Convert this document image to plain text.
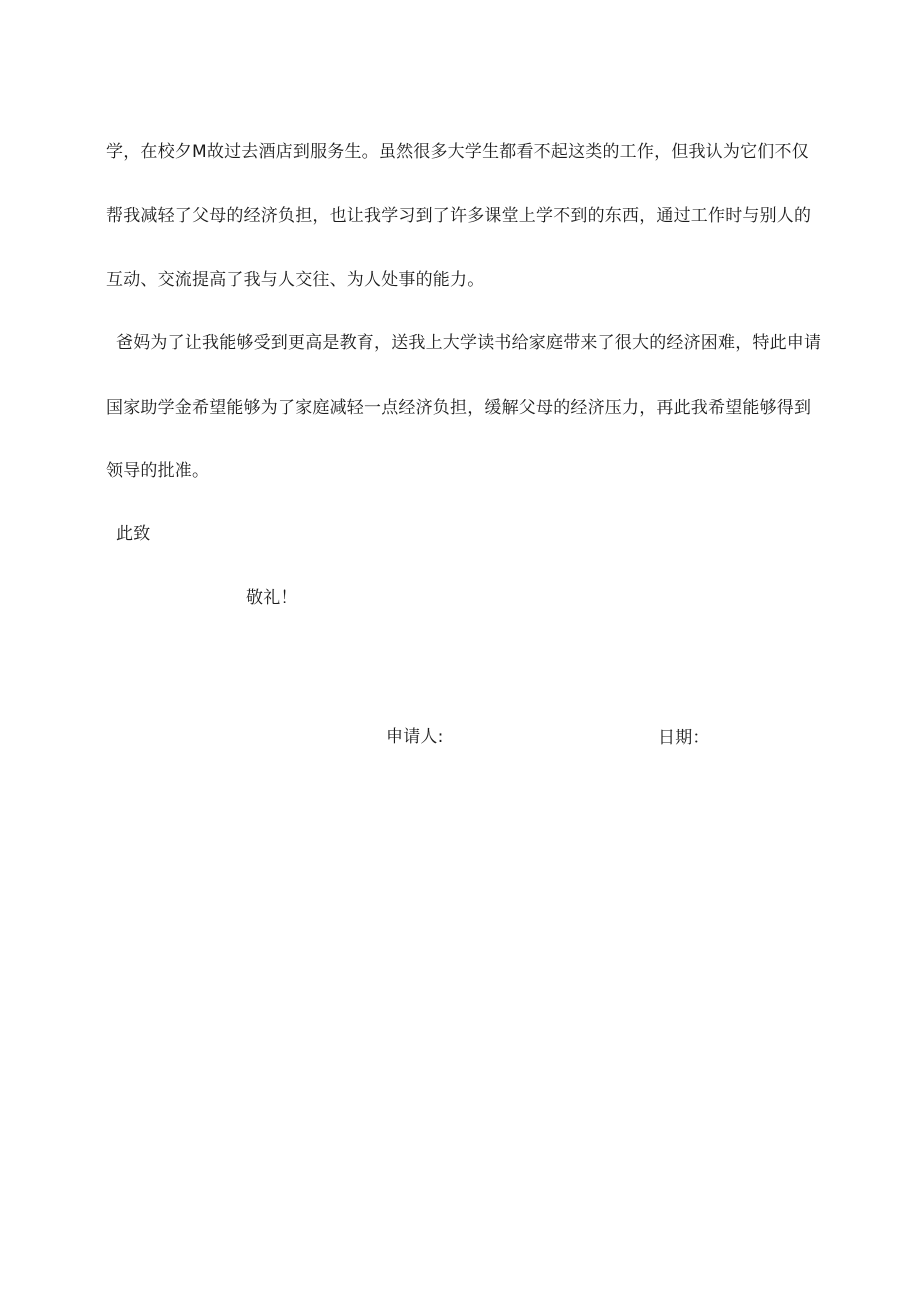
学，在校夕M故过去酒店到服务生。虽然很多大学生都看不起这类的工作，但我认为它们不仅
帮我减轻了父母的经济负担，也让我学习到了许多课堂上学不到的东西，通过工作时与别人的
互动、交流提高了我与人交往、为人处事的能力。
爸妈为了让我能够受到更高是教育，送我上大学读书给家庭带来了很大的经济困难，特此申请
国家助学金希望能够为了家庭减轻一点经济负担，缓解父母的经济压力，再此我希望能够得到
领导的批准。
此致
敬礼！
申请人:	日期：
